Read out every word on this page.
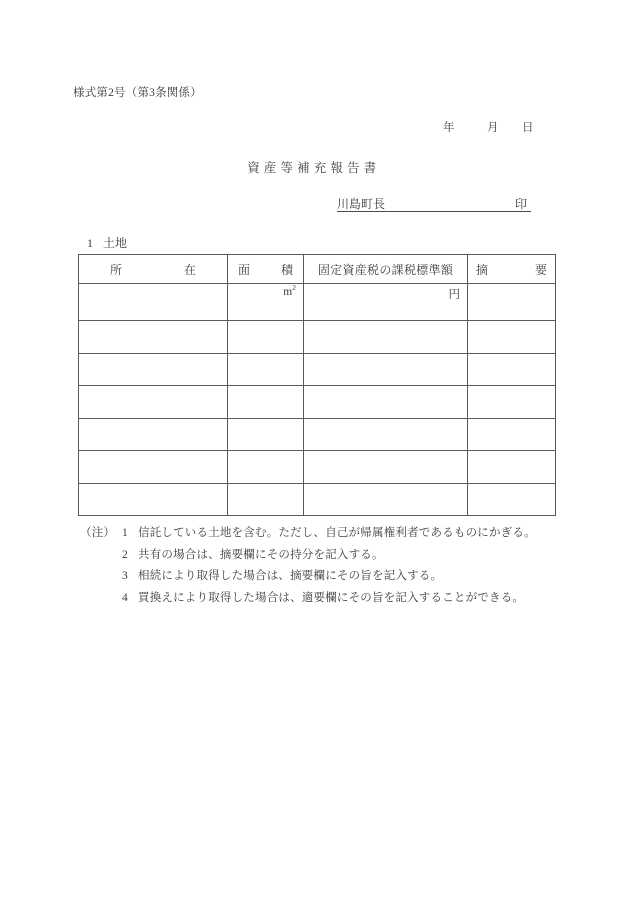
様式第2号（第3条関係）
年	月 日
資 産 等 補 充 報 告 書
川島町長	印
1 土地
所 在	面 積	固定資産税の課税標準額	摘 要

	$m^2$	円	

（注） 1 信託している土地を含む。ただし、自己が帰属権利者であるものにかぎる。
2 共有の場合は、摘要欄にその持分を記入する。
3 相続により取得した場合は、摘要欄にその旨を記入する。
4 買換えにより取得した場合は、適要欄にその旨を記入することができる。
